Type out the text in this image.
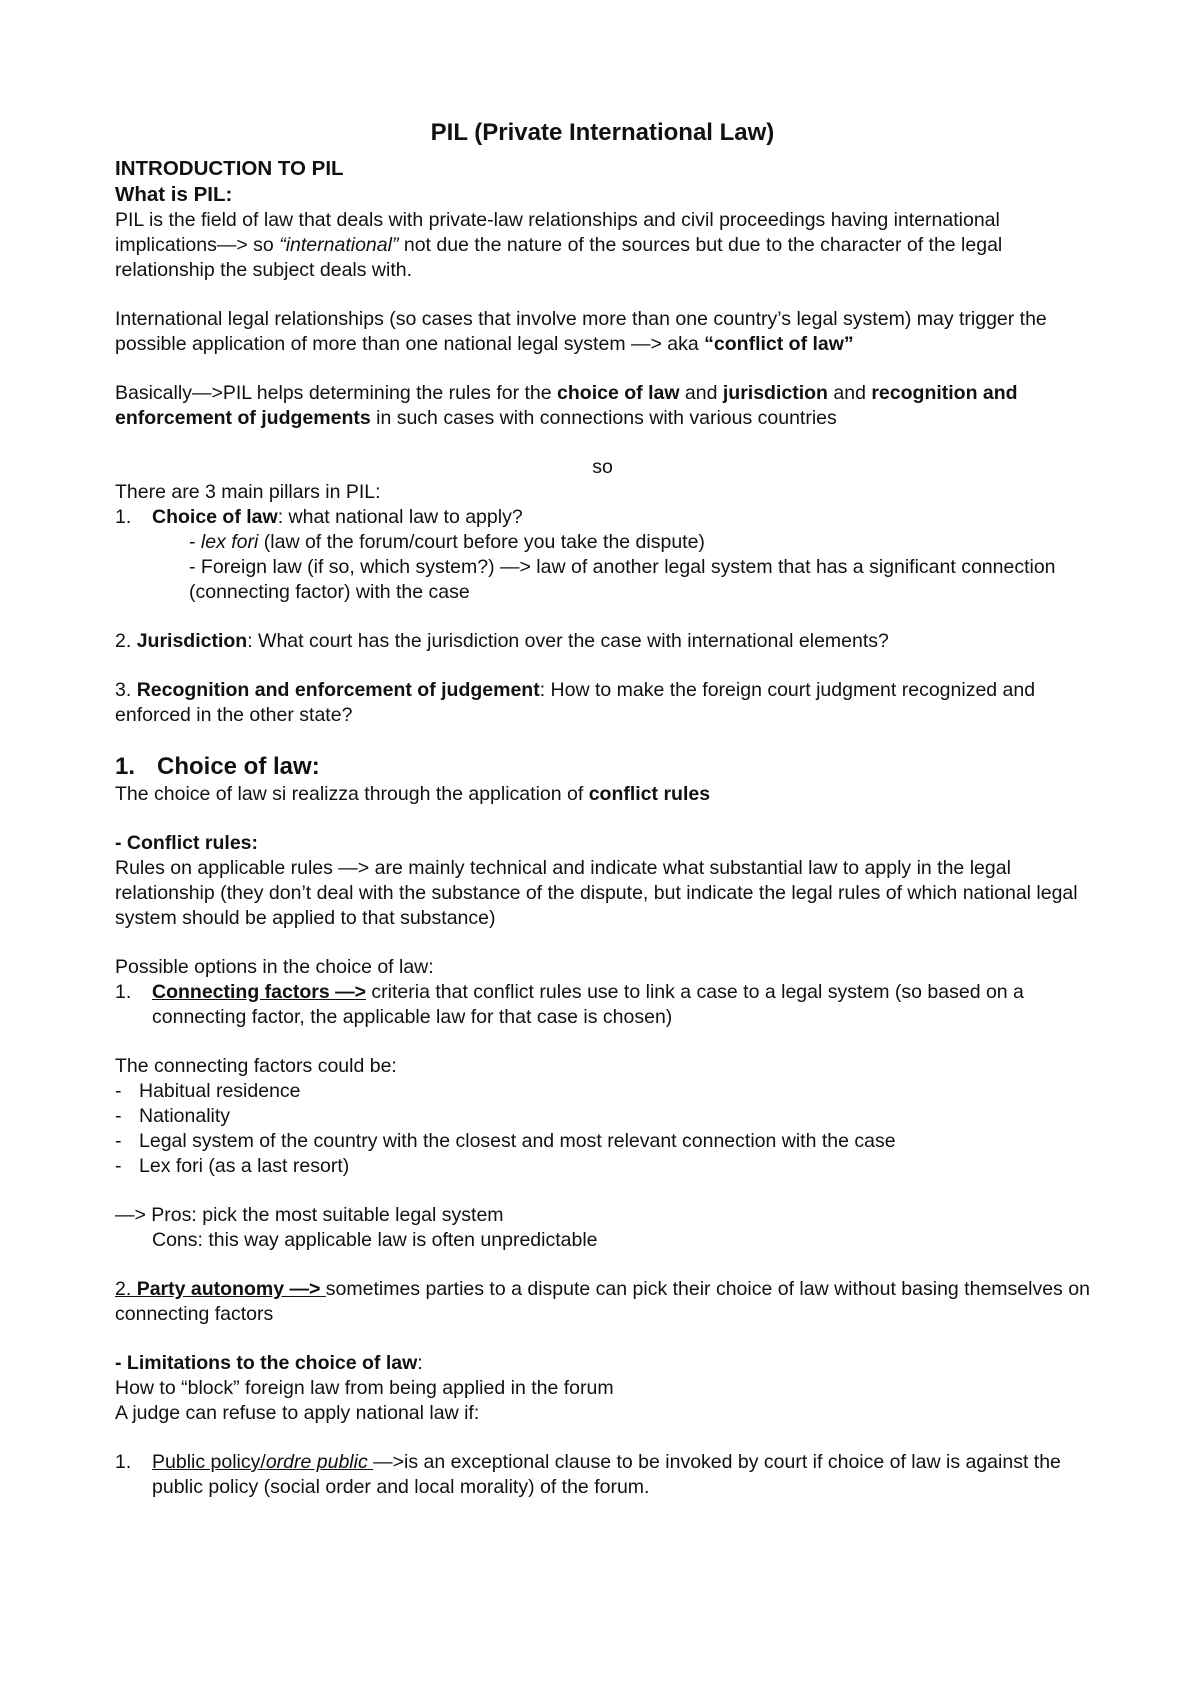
PIL (Private International Law)

INTRODUCTION TO PIL

What is PIL:

PIL is the field of law that deals with private-law relationships and civil proceedings having international implications—> so “international” not due the nature of the sources but due to the character of the legal relationship the subject deals with.

International legal relationships (so cases that involve more than one country’s legal system) may trigger the possible application of more than one national legal system —> aka “conflict of law”

Basically—>PIL helps determining the rules for the choice of law and jurisdiction and recognition and enforcement of judgements in such cases with connections with various countries

so

There are 3 main pillars in PIL:

1.	Choice of law: what national law to apply?

- lex fori (law of the forum/court before you take the dispute)

- Foreign law (if so, which system?) —> law of another legal system that has a significant connection (connecting factor) with the case

2. Jurisdiction: What court has the jurisdiction over the case with international elements?

3. Recognition and enforcement of judgement: How to make the foreign court judgment recognized and enforced in the other state?

1. Choice of law:

The choice of law si realizza through the application of conflict rules

- Conflict rules:

Rules on applicable rules —> are mainly technical and indicate what substantial law to apply in the legal relationship (they don’t deal with the substance of the dispute, but indicate the legal rules of which national legal system should be applied to that substance)

Possible options in the choice of law:

1.	Connecting factors —> criteria that conflict rules use to link a case to a legal system (so based on a connecting factor, the applicable law for that case is chosen)

The connecting factors could be:

- Habitual residence
- Nationality
- Legal system of the country with the closest and most relevant connection with the case
- Lex fori (as a last resort)

—> Pros: pick the most suitable legal system

Cons: this way applicable law is often unpredictable

2. Party autonomy —> sometimes parties to a dispute can pick their choice of law without basing themselves on connecting factors

- Limitations to the choice of law:

How to “block” foreign law from being applied in the forum

A judge can refuse to apply national law if:

1.	Public policy/ordre public —>is an exceptional clause to be invoked by court if choice of law is against the public policy (social order and local morality) of the forum.
